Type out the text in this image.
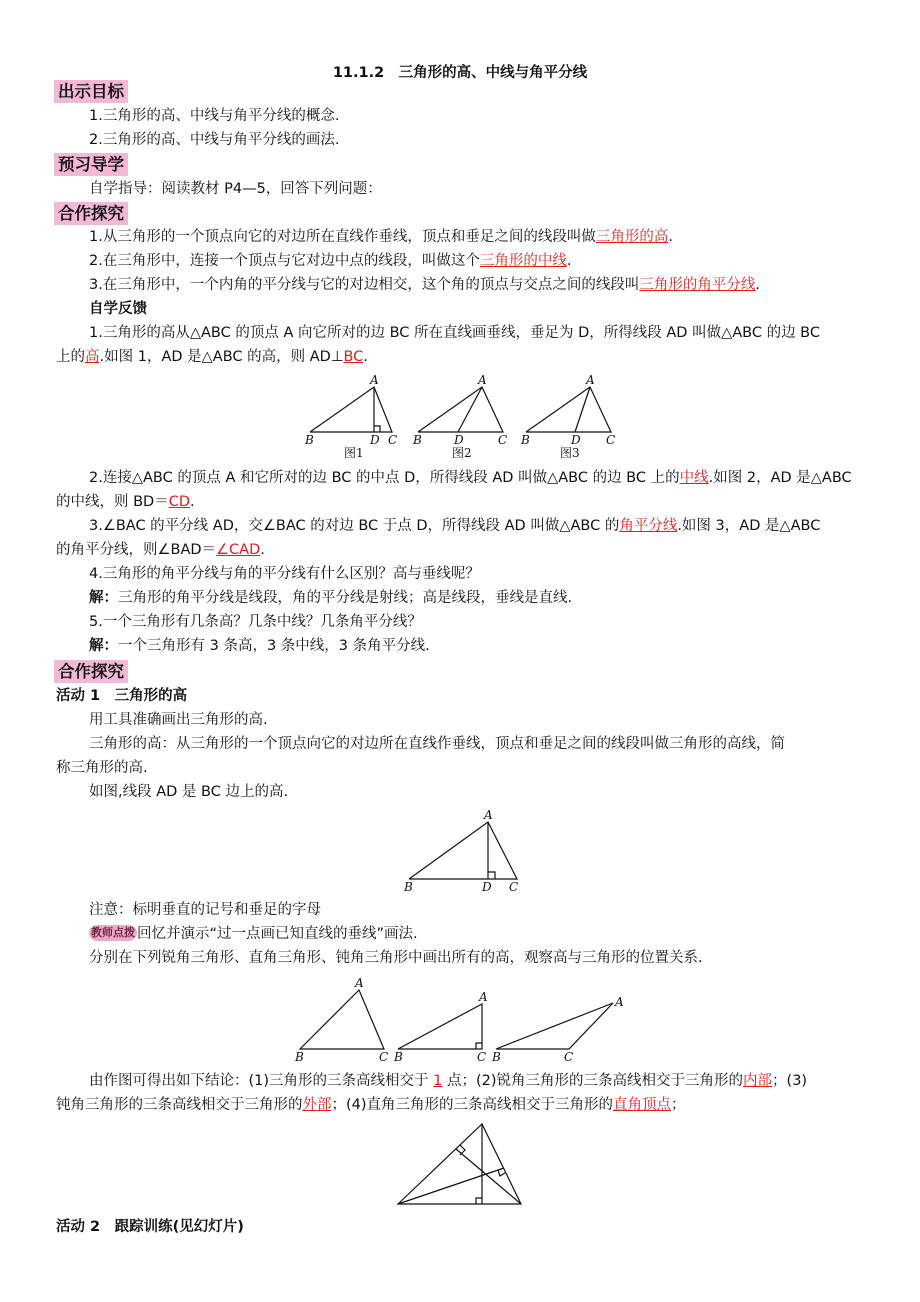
11.1.2　三角形的高、中线与角平分线
出示目标
1.三角形的高、中线与角平分线的概念.
2.三角形的高、中线与角平分线的画法.
预习导学
自学指导：阅读教材 P4—5，回答下列问题：
合作探究
1.从三角形的一个顶点向它的对边所在直线作垂线，顶点和垂足之间的线段叫做三角形的高.
2.在三角形中，连接一个顶点与它对边中点的线段，叫做这个三角形的中线.
3.在三角形中，一个内角的平分线与它的对边相交，这个角的顶点与交点之间的线段叫三角形的角平分线.
自学反馈
1.三角形的高从△ABC 的顶点 A 向它所对的边 BC 所在直线画垂线，垂足为 D，所得线段 AD 叫做△ABC 的边 BC
上的高.如图 1，AD 是△ABC 的高，则 AD⊥BC.
A
B	D C
图1
A
B	D	C
图2
A
B	D C
图3
2.连接△ABC 的顶点 A 和它所对的边 BC 的中点 D，所得线段 AD 叫做△ABC 的边 BC 上的中线.如图 2，AD 是△ABC
的中线，则 BD＝CD.
3.∠BAC 的平分线 AD，交∠BAC 的对边 BC 于点 D，所得线段 AD 叫做△ABC 的角平分线.如图 3，AD 是△ABC
的角平分线，则∠BAD＝∠CAD.
4.三角形的角平分线与角的平分线有什么区别？高与垂线呢？
解：三角形的角平分线是线段，角的平分线是射线；高是线段，垂线是直线.
5.一个三角形有几条高？几条中线？几条角平分线？
解：一个三角形有 3 条高，3 条中线，3 条角平分线.
合作探究
活动 1　三角形的高
用工具准确画出三角形的高.
三角形的高：从三角形的一个顶点向它的对边所在直线作垂线，顶点和垂足之间的线段叫做三角形的高线，简
称三角形的高.
如图,线段 AD 是 BC 边上的高.
A
B	D C
注意：标明垂直的记号和垂足的字母
教师点拨 回忆并演示“过一点画已知直线的垂线”画法.
分别在下列锐角三角形、直角三角形、钝角三角形中画出所有的高，观察高与三角形的位置关系.
A
B	C
A
B	C
A
B	C
由作图可得出如下结论：(1)三角形的三条高线相交于 1 点；(2)锐角三角形的三条高线相交于三角形的内部；(3)
钝角三角形的三条高线相交于三角形的外部；(4)直角三角形的三条高线相交于三角形的直角顶点；
活动 2　跟踪训练(见幻灯片)
